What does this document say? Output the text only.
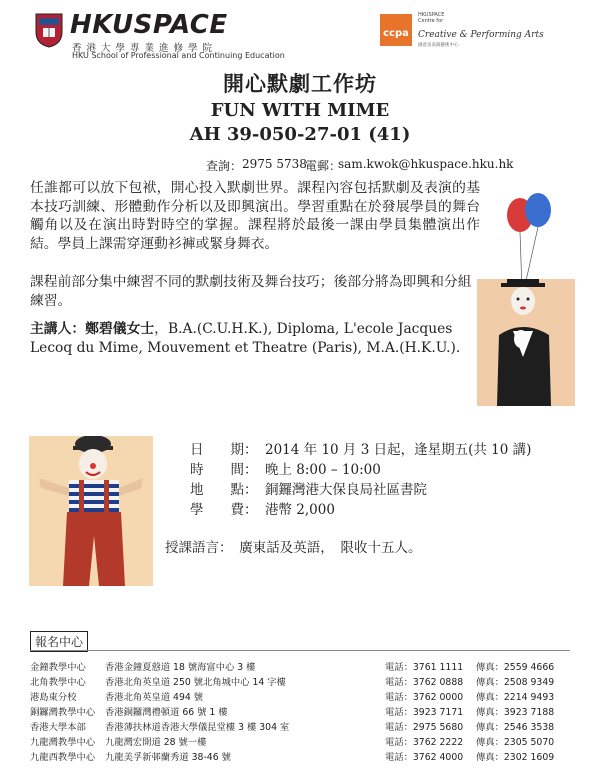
HKUSPACE
香港大學專業進修學院
HKU School of Professional and Continuing Education
ccpa
HKUSPACE
Centre for
Creative & Performing Arts
創意及表演藝術中心
開心默劇工作坊
FUN WITH MIME
AH 39-050-27-01 (41)
查詢： 2975 5738
電郵：
sam.kwok@hkuspace.hku.hk
任誰都可以放下包袱，開心投入默劇世界。課程內容包括默劇及表演的基本技巧訓練、形體動作分析以及即興演出。學習重點在於發展學員的舞台觸角以及在演出時對時空的掌握。課程將於最後一課由學員集體演出作結。學員上課需穿運動衫褲或緊身舞衣。
課程前部分集中練習不同的默劇技術及舞台技巧；後部分將為即興和分組練習。
主講人：鄭碧儀女士，B.A.(C.U.H.K.), Diploma, L'ecole Jacques Lecoq du Mime, Mouvement et Theatre (Paris), M.A.(H.K.U.).
日　　期： 2014 年 10 月 3 日起，逢星期五(共 10 講)
時　　間： 晚上 8:00 – 10:00
地　　點： 銅鑼灣港大保良局社區書院
學　　費： 港幣 2,000
授課語言：　廣東話及英語，　限收十五人。
報名中心
金鐘教學中心 香港金鐘夏慤道 18 號海富中心 3 樓	電話：3761 1111 傳真：2559 4666
北角教學中心 香港北角英皇道 250 號北角城中心 14 字樓	電話：3762 0888 傳真：2508 9349
港島東分校	香港北角英皇道 494 號	電話：3762 0000 傳真：2214 9493
銅鑼灣教學中心 香港銅鑼灣禮頓道 66 號 1 樓	電話：3923 7171 傳真：3923 7188
香港大學本部 香港薄扶林道香港大學儀昆堂樓 3 樓 304 室	電話：2975 5680 傳真：2546 3538
九龍灣教學中心 九龍灣宏開道 28 號一樓	電話：3762 2222 傳真：2305 5070
九龍西教學中心 九龍美孚新邨蘭秀道 38-46 號	電話：3762 4000 傳真：2302 1609
